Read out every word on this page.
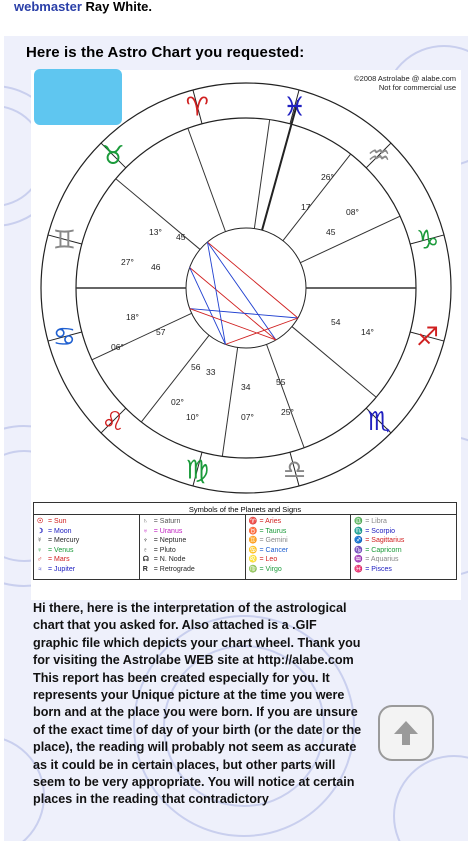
webmaster Ray White.
Here is the Astro Chart you requested:
♈	♓
♒
♑
♐
♏
♎
♍
♌
♋
♊
♉
13° 45
27° 46
18°
06°
57
26°
17	08°
45
54
14°
56 33
02°
10°
34
07°
55
25°
©2008 Astrolabe @ alabe.com
Not for commercial use
Symbols of the Planets and Signs
☉ = Sun
☽ = Moon
☿ = Mercury
♀ = Venus
♂ = Mars
♃ = Jupiter
♄ = Saturn
♅ = Uranus
♆ = Neptune
♇ = Pluto
☊ = N. Node
R = Retrograde
♈ = Aries
♉ = Taurus
♊ = Gemini
♋ = Cancer
♌ = Leo
♍ = Virgo
♎ = Libra
♏ = Scorpio
♐ = Sagittarius
♑ = Capricorn
♒ = Aquarius
♓ = Pisces
Hi there, here is the interpretation of the astrological chart that you asked for. Also attached is a .GIF graphic file which depicts your chart wheel. Thank you for visiting the Astrolabe WEB site at http://alabe.com This report has been created especially for you. It represents your Unique picture at the time you were born and at the place you were born. If you are unsure of the exact time of day of your birth (or the date or the place), the reading will probably not seem as accurate as it could be in certain places, but other parts will seem to be very appropriate. You will notice at certain places in the reading that contradictory
